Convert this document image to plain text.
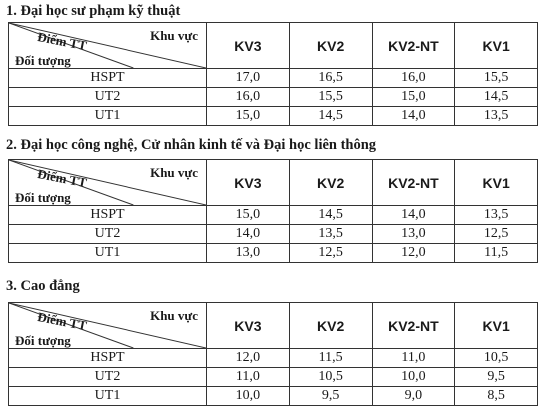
1. Đại học sư phạm kỹ thuật
Điểm TT Khu vực
Đối tượng	KV3	KV2	KV2-NT	KV1
HSPT	17,0	16,5	16,0	15,5
UT2	16,0	15,5	15,0	14,5
UT1	15,0	14,5	14,0	13,5
2. Đại học công nghệ, Cử nhân kinh tế và Đại học liên thông
Điểm TT Khu vực
Đối tượng	KV3	KV2	KV2-NT	KV1
HSPT	15,0	14,5	14,0	13,5
UT2	14,0	13,5	13,0	12,5
UT1	13,0	12,5	12,0	11,5
3. Cao đẳng
Điểm TT Khu vực
Đối tượng	KV3	KV2	KV2-NT	KV1
HSPT	12,0	11,5	11,0	10,5
UT2	11,0	10,5	10,0	9,5
UT1	10,0	9,5	9,0	8,5
